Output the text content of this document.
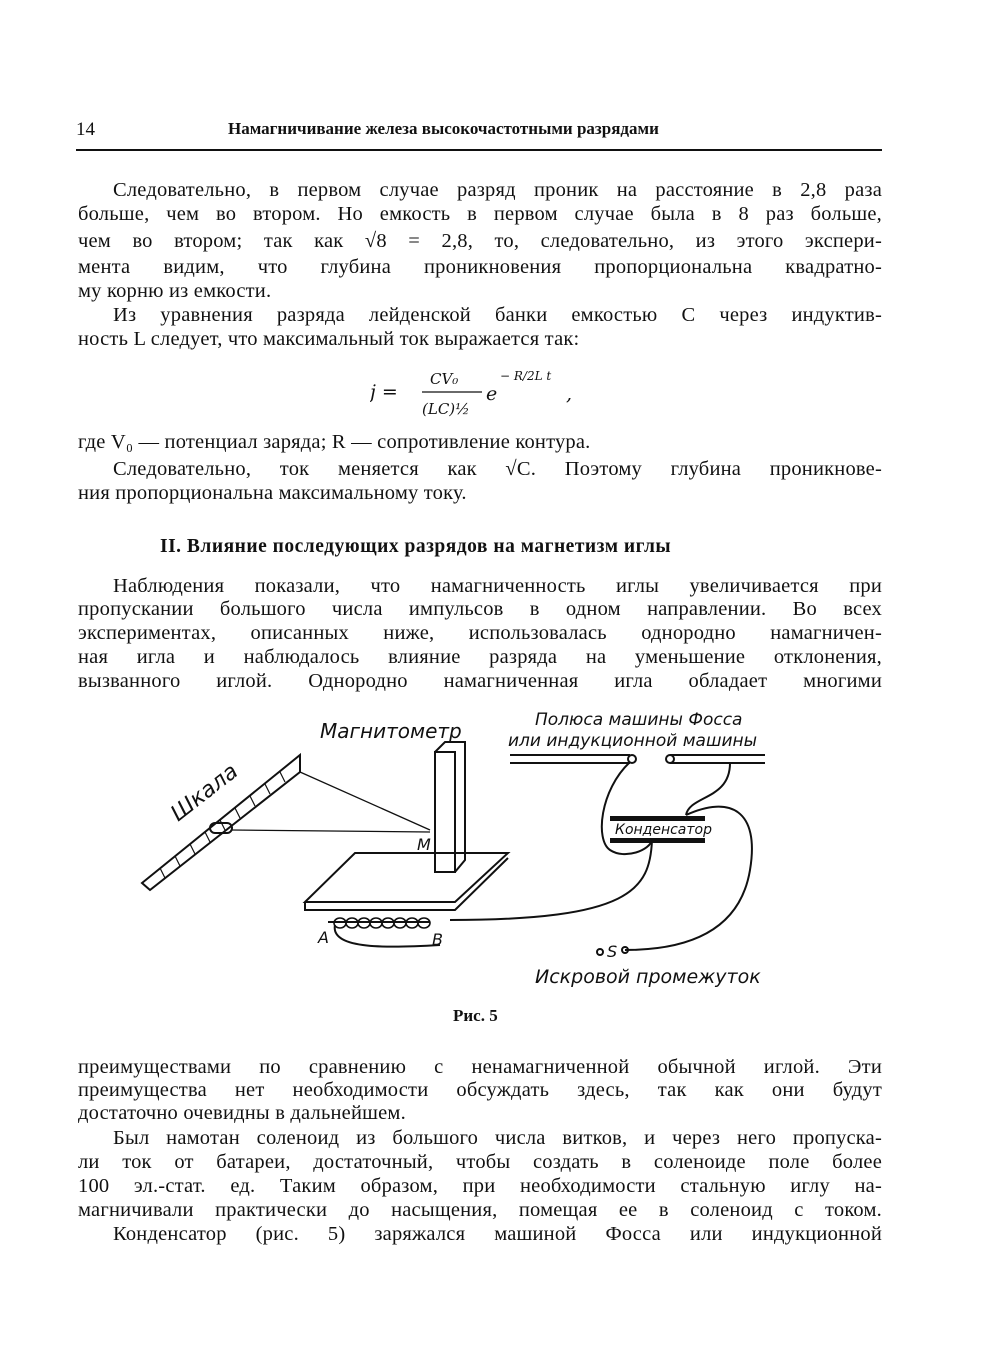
14	Намагничивание железа высокочастотными разрядами
Следовательно, в первом случае разряд проник на расстояние в 2,8 раза
больше, чем во втором. Но емкость в первом случае была в 8 раз больше,
чем во втором; так как √8 = 2,8, то, следовательно, из этого экспери-
мента видим, что глубина проникновения пропорциональна квадратно-
му корню из емкости.
Из уравнения разряда лейденской банки емкостью C через индуктив-
ность L следует, что максимальный ток выражается так:
j =
CV₀
(LC)½
e
− R/2L t
,
где V₀ — потенциал заряда; R — сопротивление контура.
Следовательно, ток меняется как √C. Поэтому глубина проникнове-
ния пропорциональна максимальному току.
II. Влияние последующих разрядов на магнетизм иглы
Наблюдения показали, что намагниченность иглы увеличивается при
пропускании большого числа импульсов в одном направлении. Во всех
экспериментах, описанных ниже, использовалась однородно намагничен-
ная игла и наблюдалось влияние разряда на уменьшение отклонения,
вызванного иглой. Однородно намагниченная игла обладает многими
Магнитометр	Полюса машины Фосса
или индукционной машины
Шкала
M
Конденсатор
A	B
S
Искровой промежуток
Рис. 5
преимуществами по сравнению с ненамагниченной обычной иглой. Эти
преимущества нет необходимости обсуждать здесь, так как они будут
достаточно очевидны в дальнейшем.
Был намотан соленоид из большого числа витков, и через него пропуска-
ли ток от батареи, достаточный, чтобы создать в соленоиде поле более
100 эл.-стат. ед. Таким образом, при необходимости стальную иглу на-
магничивали практически до насыщения, помещая ее в соленоид с током.
Конденсатор (рис. 5) заряжался машиной Фосса или индукционной
